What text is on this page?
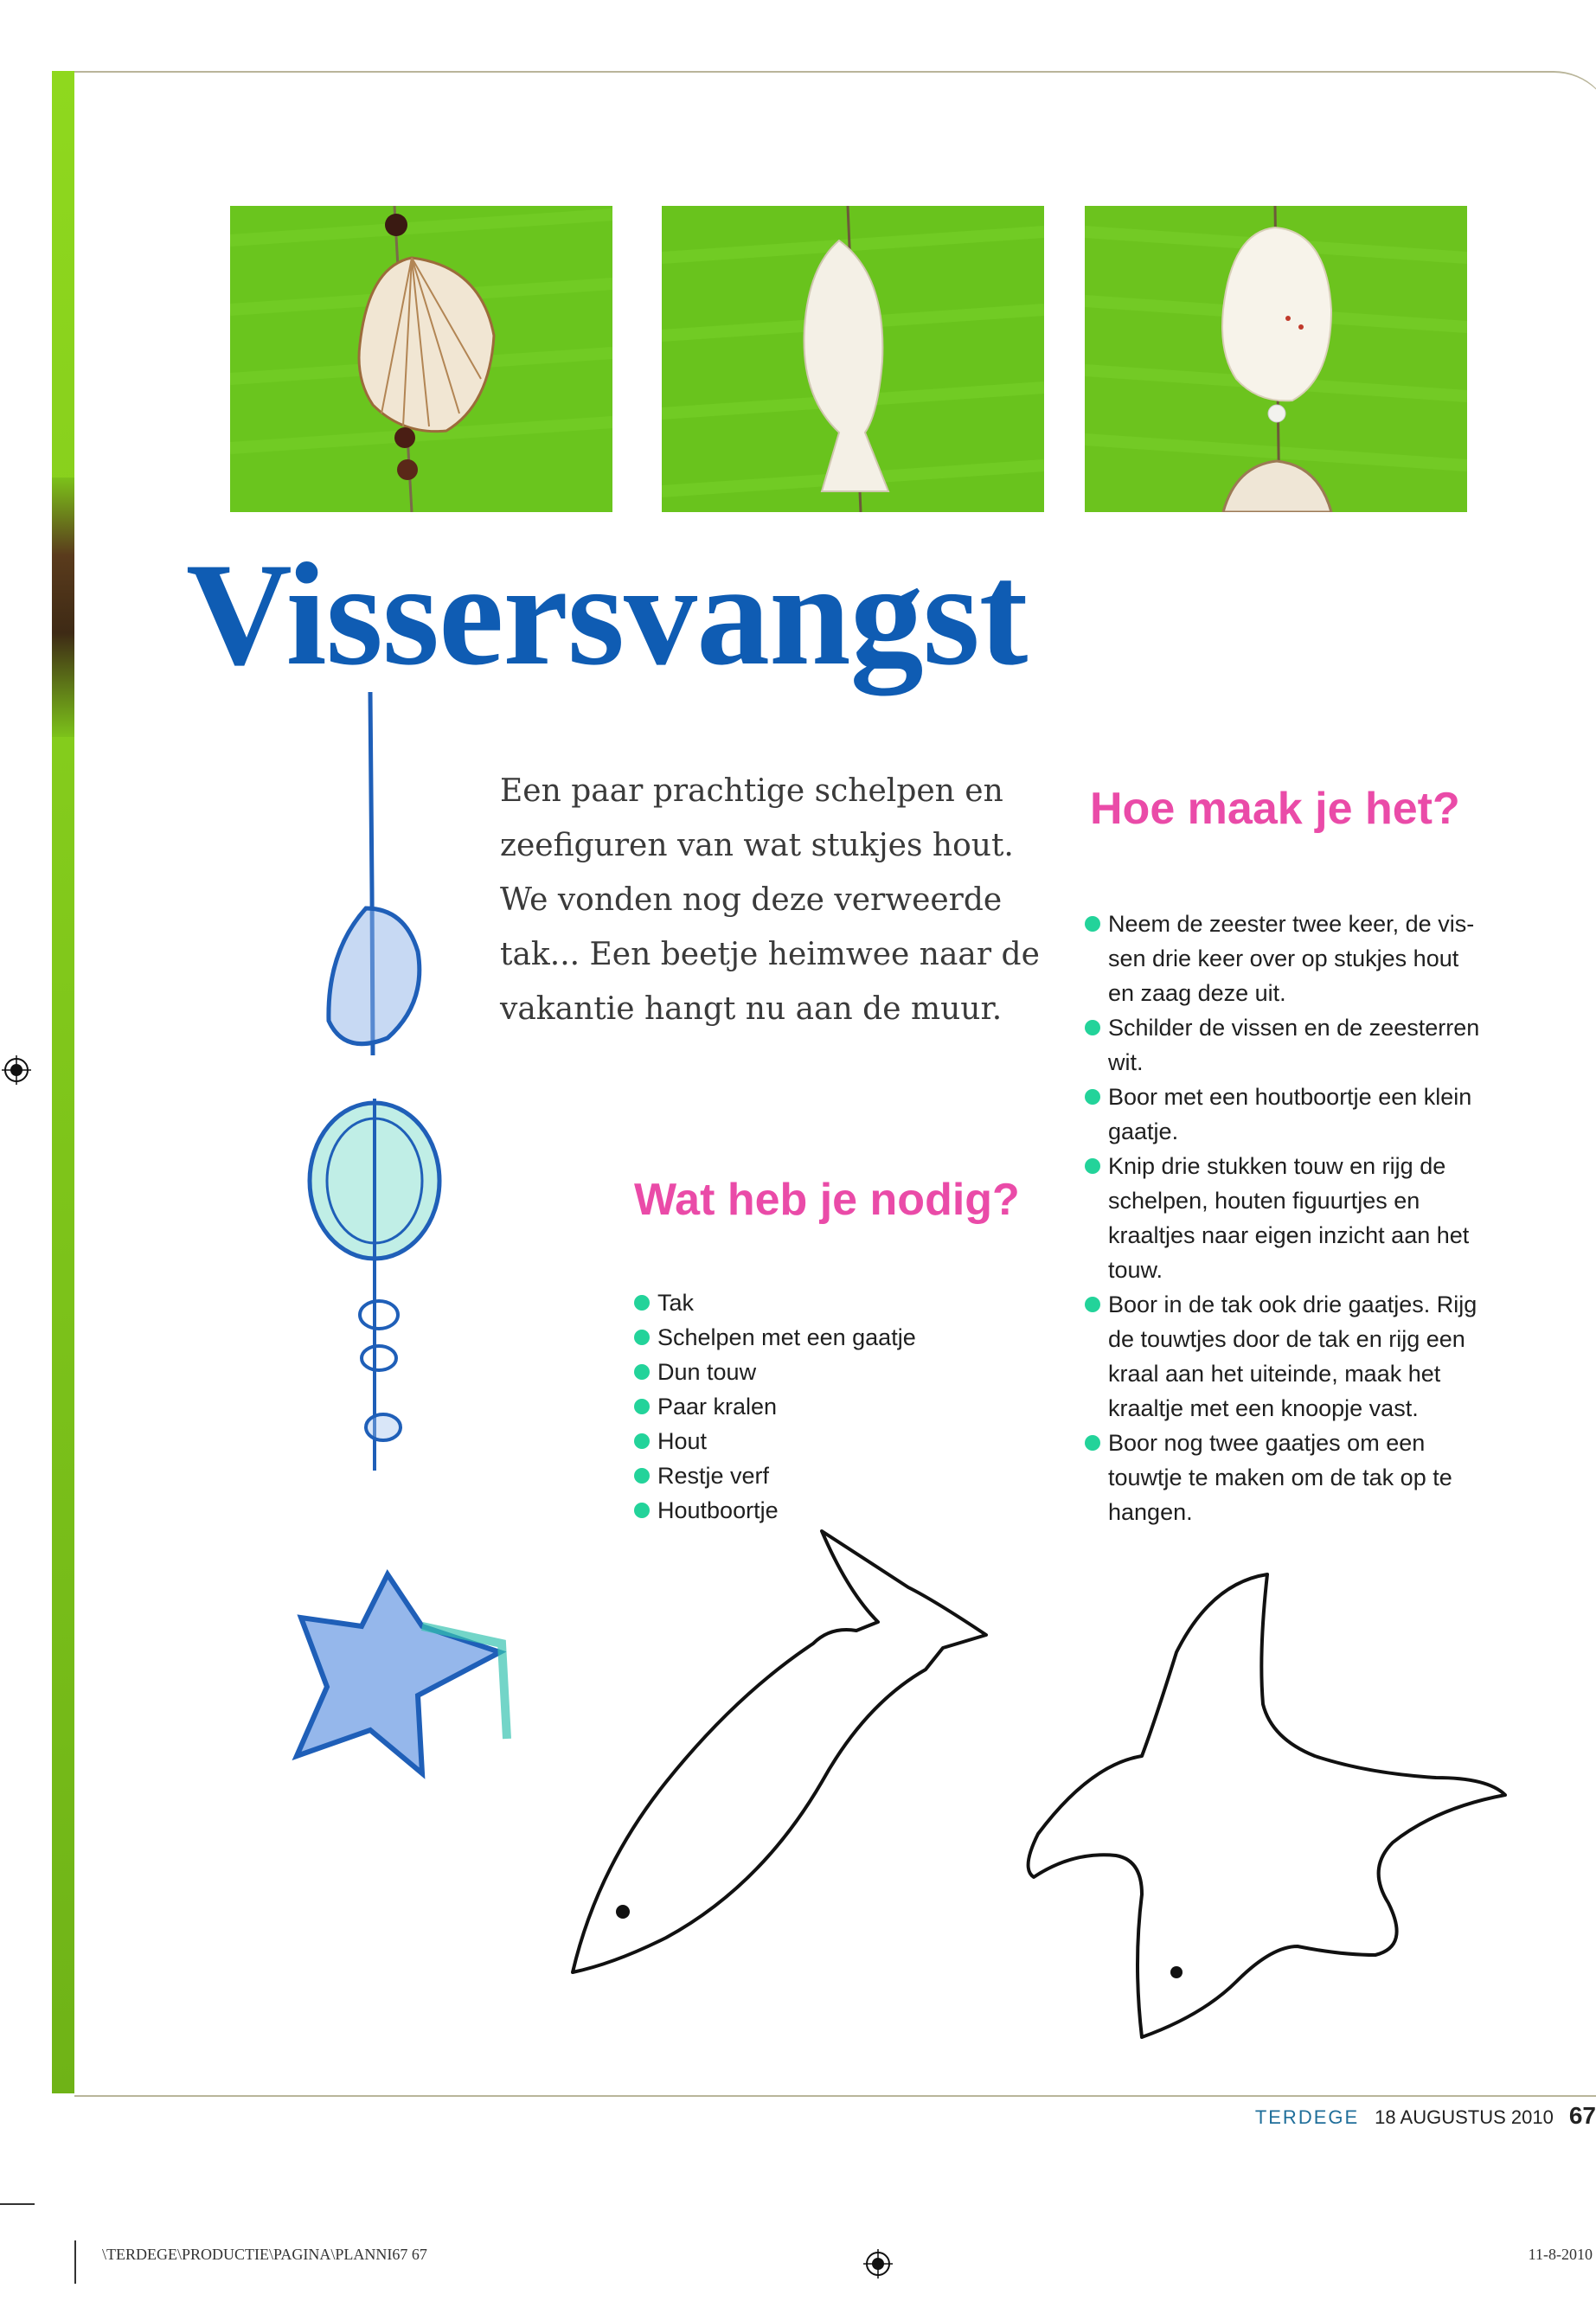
Vissersvangst
Een paar prachtige schelpen en
zeefiguren van wat stukjes hout.
We vonden nog deze verweerde
tak... Een beetje heimwee naar de
vakantie hangt nu aan de muur.
Wat heb je nodig?
Tak
Schelpen met een gaatje
Dun touw
Paar kralen
Hout
Restje verf
Houtboortje
Hoe maak je het?
Neem de zeester twee keer, de vis-
sen drie keer over op stukjes hout
en zaag deze uit.
Schilder de vissen en de zeesterren
wit.
Boor met een houtboortje een klein
gaatje.
Knip drie stukken touw en rijg de
schelpen, houten figuurtjes en
kraaltjes naar eigen inzicht aan het
touw.
Boor in de tak ook drie gaatjes. Rijg
de touwtjes door de tak en rijg een
kraal aan het uiteinde, maak het
kraaltje met een knoopje vast.
Boor nog twee gaatjes om een
touwtje te maken om de tak op te
hangen.
TERDEGE 18 AUGUSTUS 2010 67
\TERDEGE\PRODUCTIE\PAGINA\PLANNI67 67	11-8-2010
